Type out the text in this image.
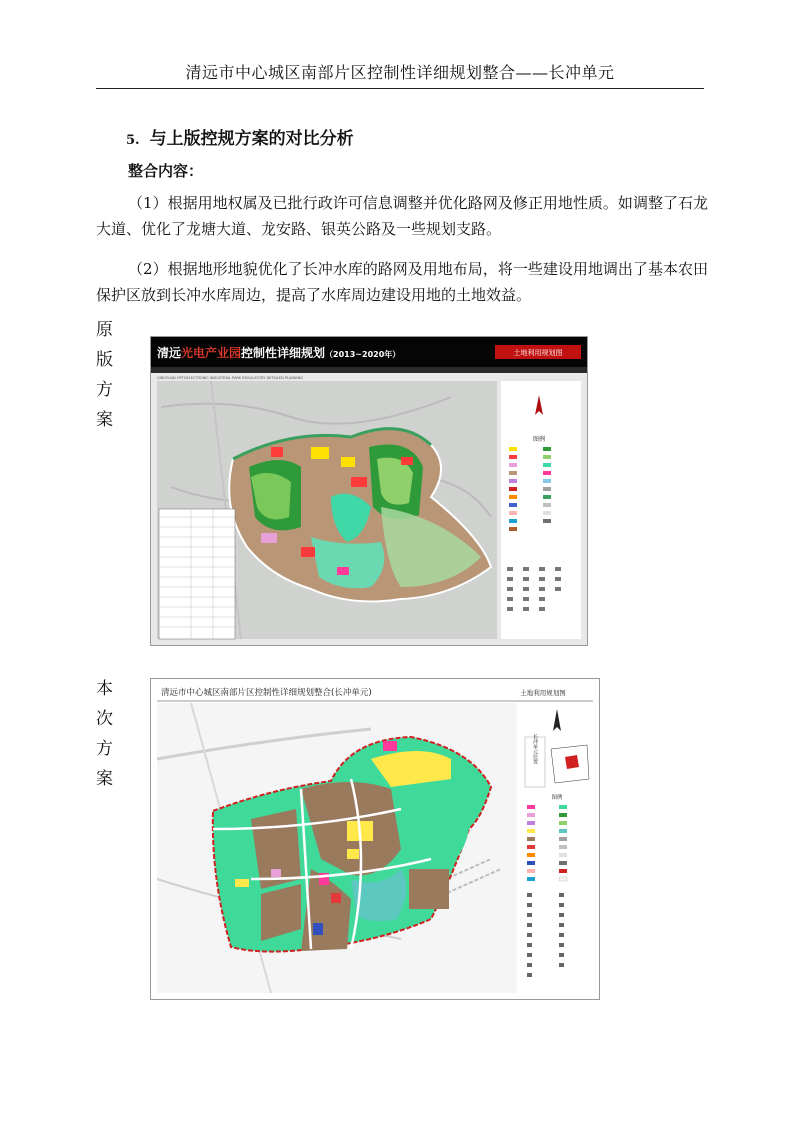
清远市中心城区南部片区控制性详细规划整合——长冲单元
5. 与上版控规方案的对比分析
整合内容：
（1）根据用地权属及已批行政许可信息调整并优化路网及修正用地性质。如调整了石龙大道、优化了龙塘大道、龙安路、银英公路及一些规划支路。
（2）根据地形地貌优化了长冲水库的路网及用地布局，将一些建设用地调出了基本农田保护区放到长冲水库周边，提高了水库周边建设用地的土地效益。
原版方案
本次方案
清远光电产业园控制性详细规划（2013~2020年）	土地利用规划图
QINGYUAN OPTOELECTRONIC INDUSTRIAL PARK REGULATORY DETAILED PLANNING
图例
清远市中心城区南部片区控制性详细规划整合(长冲单元)	土地利用规划图
长冲单元位置
图例
